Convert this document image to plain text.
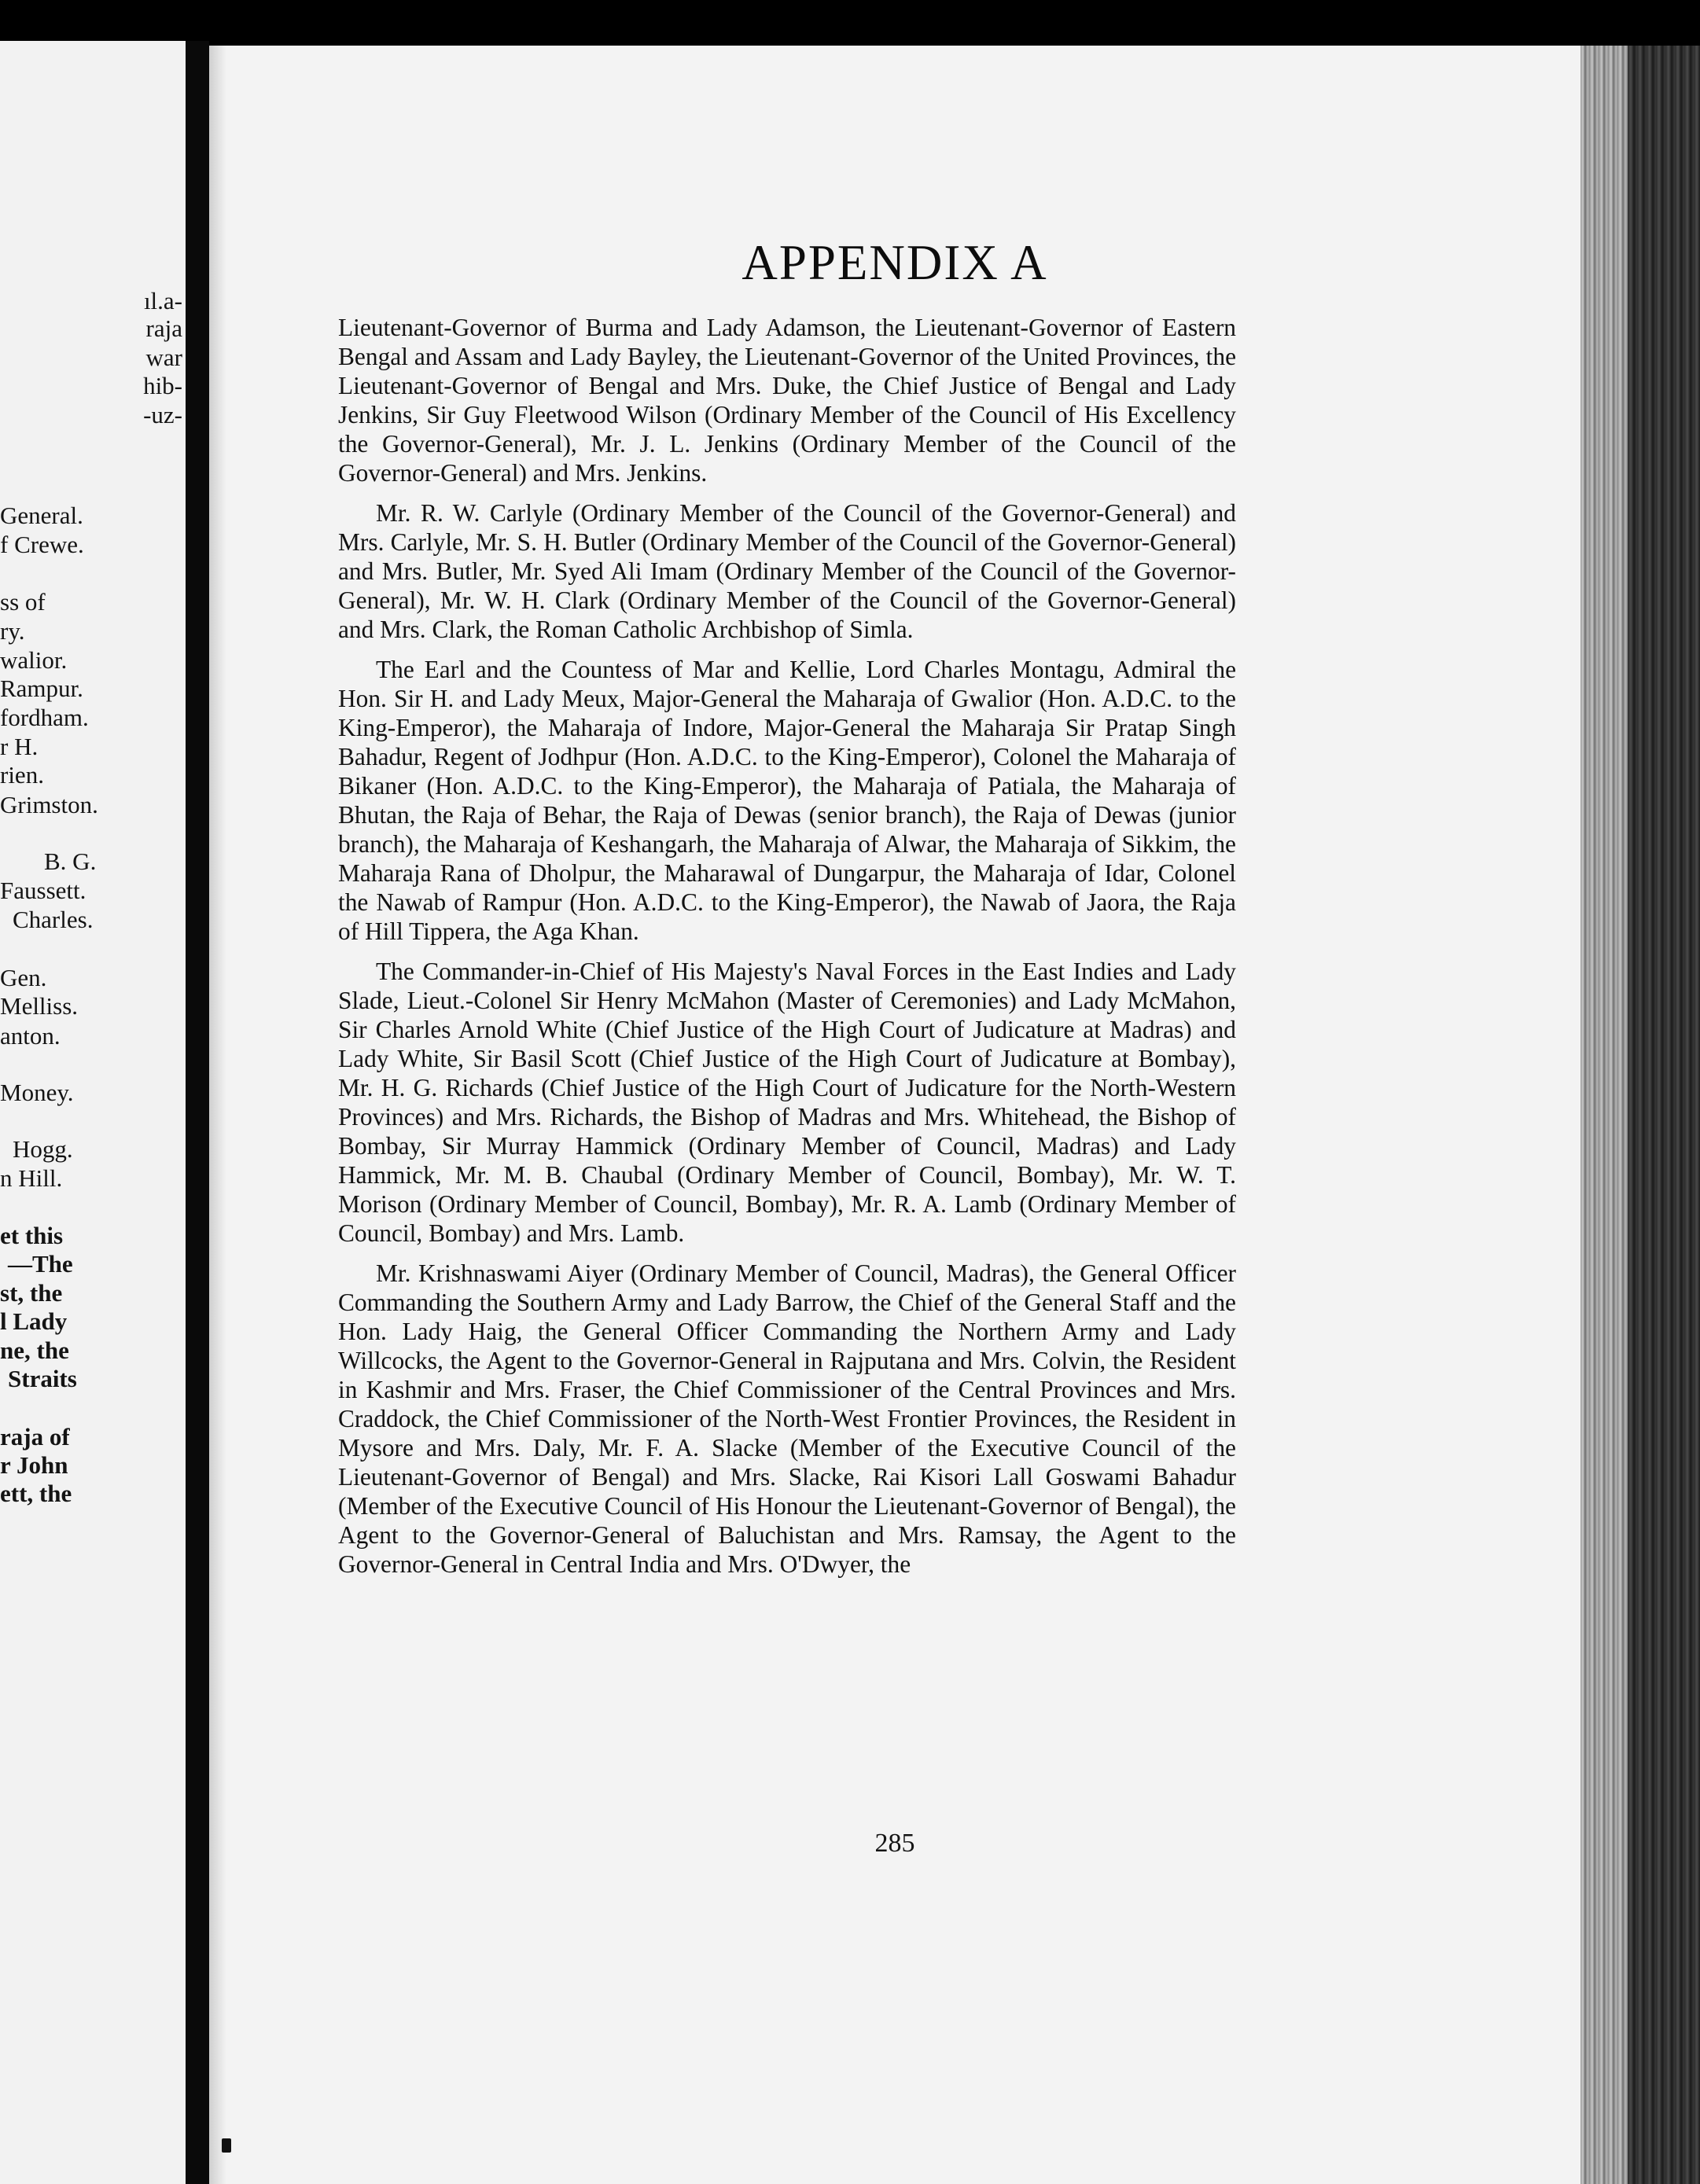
ıl.a-
raja
war
hib-
-uz-
General.
f Crewe.
ss of
ry.
walior.
Rampur.
fordham.
r H.
rien.
Grimston.
B. G.
Faussett.
Charles.
Gen.
Melliss.
anton.
Money.
Hogg.
n Hill.
et this
—The
st, the
l Lady
ne, the
Straits
raja of
r John
ett, the
APPENDIX A

Lieutenant-Governor of Burma and Lady Adamson, the Lieutenant-Governor of Eastern Bengal and Assam and Lady Bayley, the Lieutenant-Governor of the United Provinces, the Lieutenant-Governor of Bengal and Mrs. Duke, the Chief Justice of Bengal and Lady Jenkins, Sir Guy Fleetwood Wilson (Ordinary Member of the Council of His Excellency the Governor-General), Mr. J. L. Jenkins (Ordinary Member of the Council of the Governor-General) and Mrs. Jenkins.

Mr. R. W. Carlyle (Ordinary Member of the Council of the Governor-General) and Mrs. Carlyle, Mr. S. H. Butler (Ordinary Member of the Council of the Governor-General) and Mrs. Butler, Mr. Syed Ali Imam (Ordinary Member of the Council of the Governor-General), Mr. W. H. Clark (Ordinary Member of the Council of the Governor-General) and Mrs. Clark, the Roman Catholic Archbishop of Simla.

The Earl and the Countess of Mar and Kellie, Lord Charles Montagu, Admiral the Hon. Sir H. and Lady Meux, Major-General the Maharaja of Gwalior (Hon. A.D.C. to the King-Emperor), the Maharaja of Indore, Major-General the Maharaja Sir Pratap Singh Bahadur, Regent of Jodhpur (Hon. A.D.C. to the King-Emperor), Colonel the Maharaja of Bikaner (Hon. A.D.C. to the King-Emperor), the Maharaja of Patiala, the Maharaja of Bhutan, the Raja of Behar, the Raja of Dewas (senior branch), the Raja of Dewas (junior branch), the Maharaja of Keshangarh, the Maharaja of Alwar, the Maharaja of Sikkim, the Maharaja Rana of Dholpur, the Maharawal of Dungarpur, the Maharaja of Idar, Colonel the Nawab of Rampur (Hon. A.D.C. to the King-Emperor), the Nawab of Jaora, the Raja of Hill Tippera, the Aga Khan.

The Commander-in-Chief of His Majesty's Naval Forces in the East Indies and Lady Slade, Lieut.-Colonel Sir Henry McMahon (Master of Ceremonies) and Lady McMahon, Sir Charles Arnold White (Chief Justice of the High Court of Judicature at Madras) and Lady White, Sir Basil Scott (Chief Justice of the High Court of Judicature at Bombay), Mr. H. G. Richards (Chief Justice of the High Court of Judicature for the North-Western Provinces) and Mrs. Richards, the Bishop of Madras and Mrs. Whitehead, the Bishop of Bombay, Sir Murray Hammick (Ordinary Member of Council, Madras) and Lady Hammick, Mr. M. B. Chaubal (Ordinary Member of Council, Bombay), Mr. W. T. Morison (Ordinary Member of Council, Bombay), Mr. R. A. Lamb (Ordinary Member of Council, Bombay) and Mrs. Lamb.

Mr. Krishnaswami Aiyer (Ordinary Member of Council, Madras), the General Officer Commanding the Southern Army and Lady Barrow, the Chief of the General Staff and the Hon. Lady Haig, the General Officer Commanding the Northern Army and Lady Willcocks, the Agent to the Governor-General in Rajputana and Mrs. Colvin, the Resident in Kashmir and Mrs. Fraser, the Chief Commissioner of the Central Provinces and Mrs. Craddock, the Chief Commissioner of the North-West Frontier Provinces, the Resident in Mysore and Mrs. Daly, Mr. F. A. Slacke (Member of the Executive Council of the Lieutenant-Governor of Bengal) and Mrs. Slacke, Rai Kisori Lall Goswami Bahadur (Member of the Executive Council of His Honour the Lieutenant-Governor of Bengal), the Agent to the Governor-General of Baluchistan and Mrs. Ramsay, the Agent to the Governor-General in Central India and Mrs. O'Dwyer, the

285
